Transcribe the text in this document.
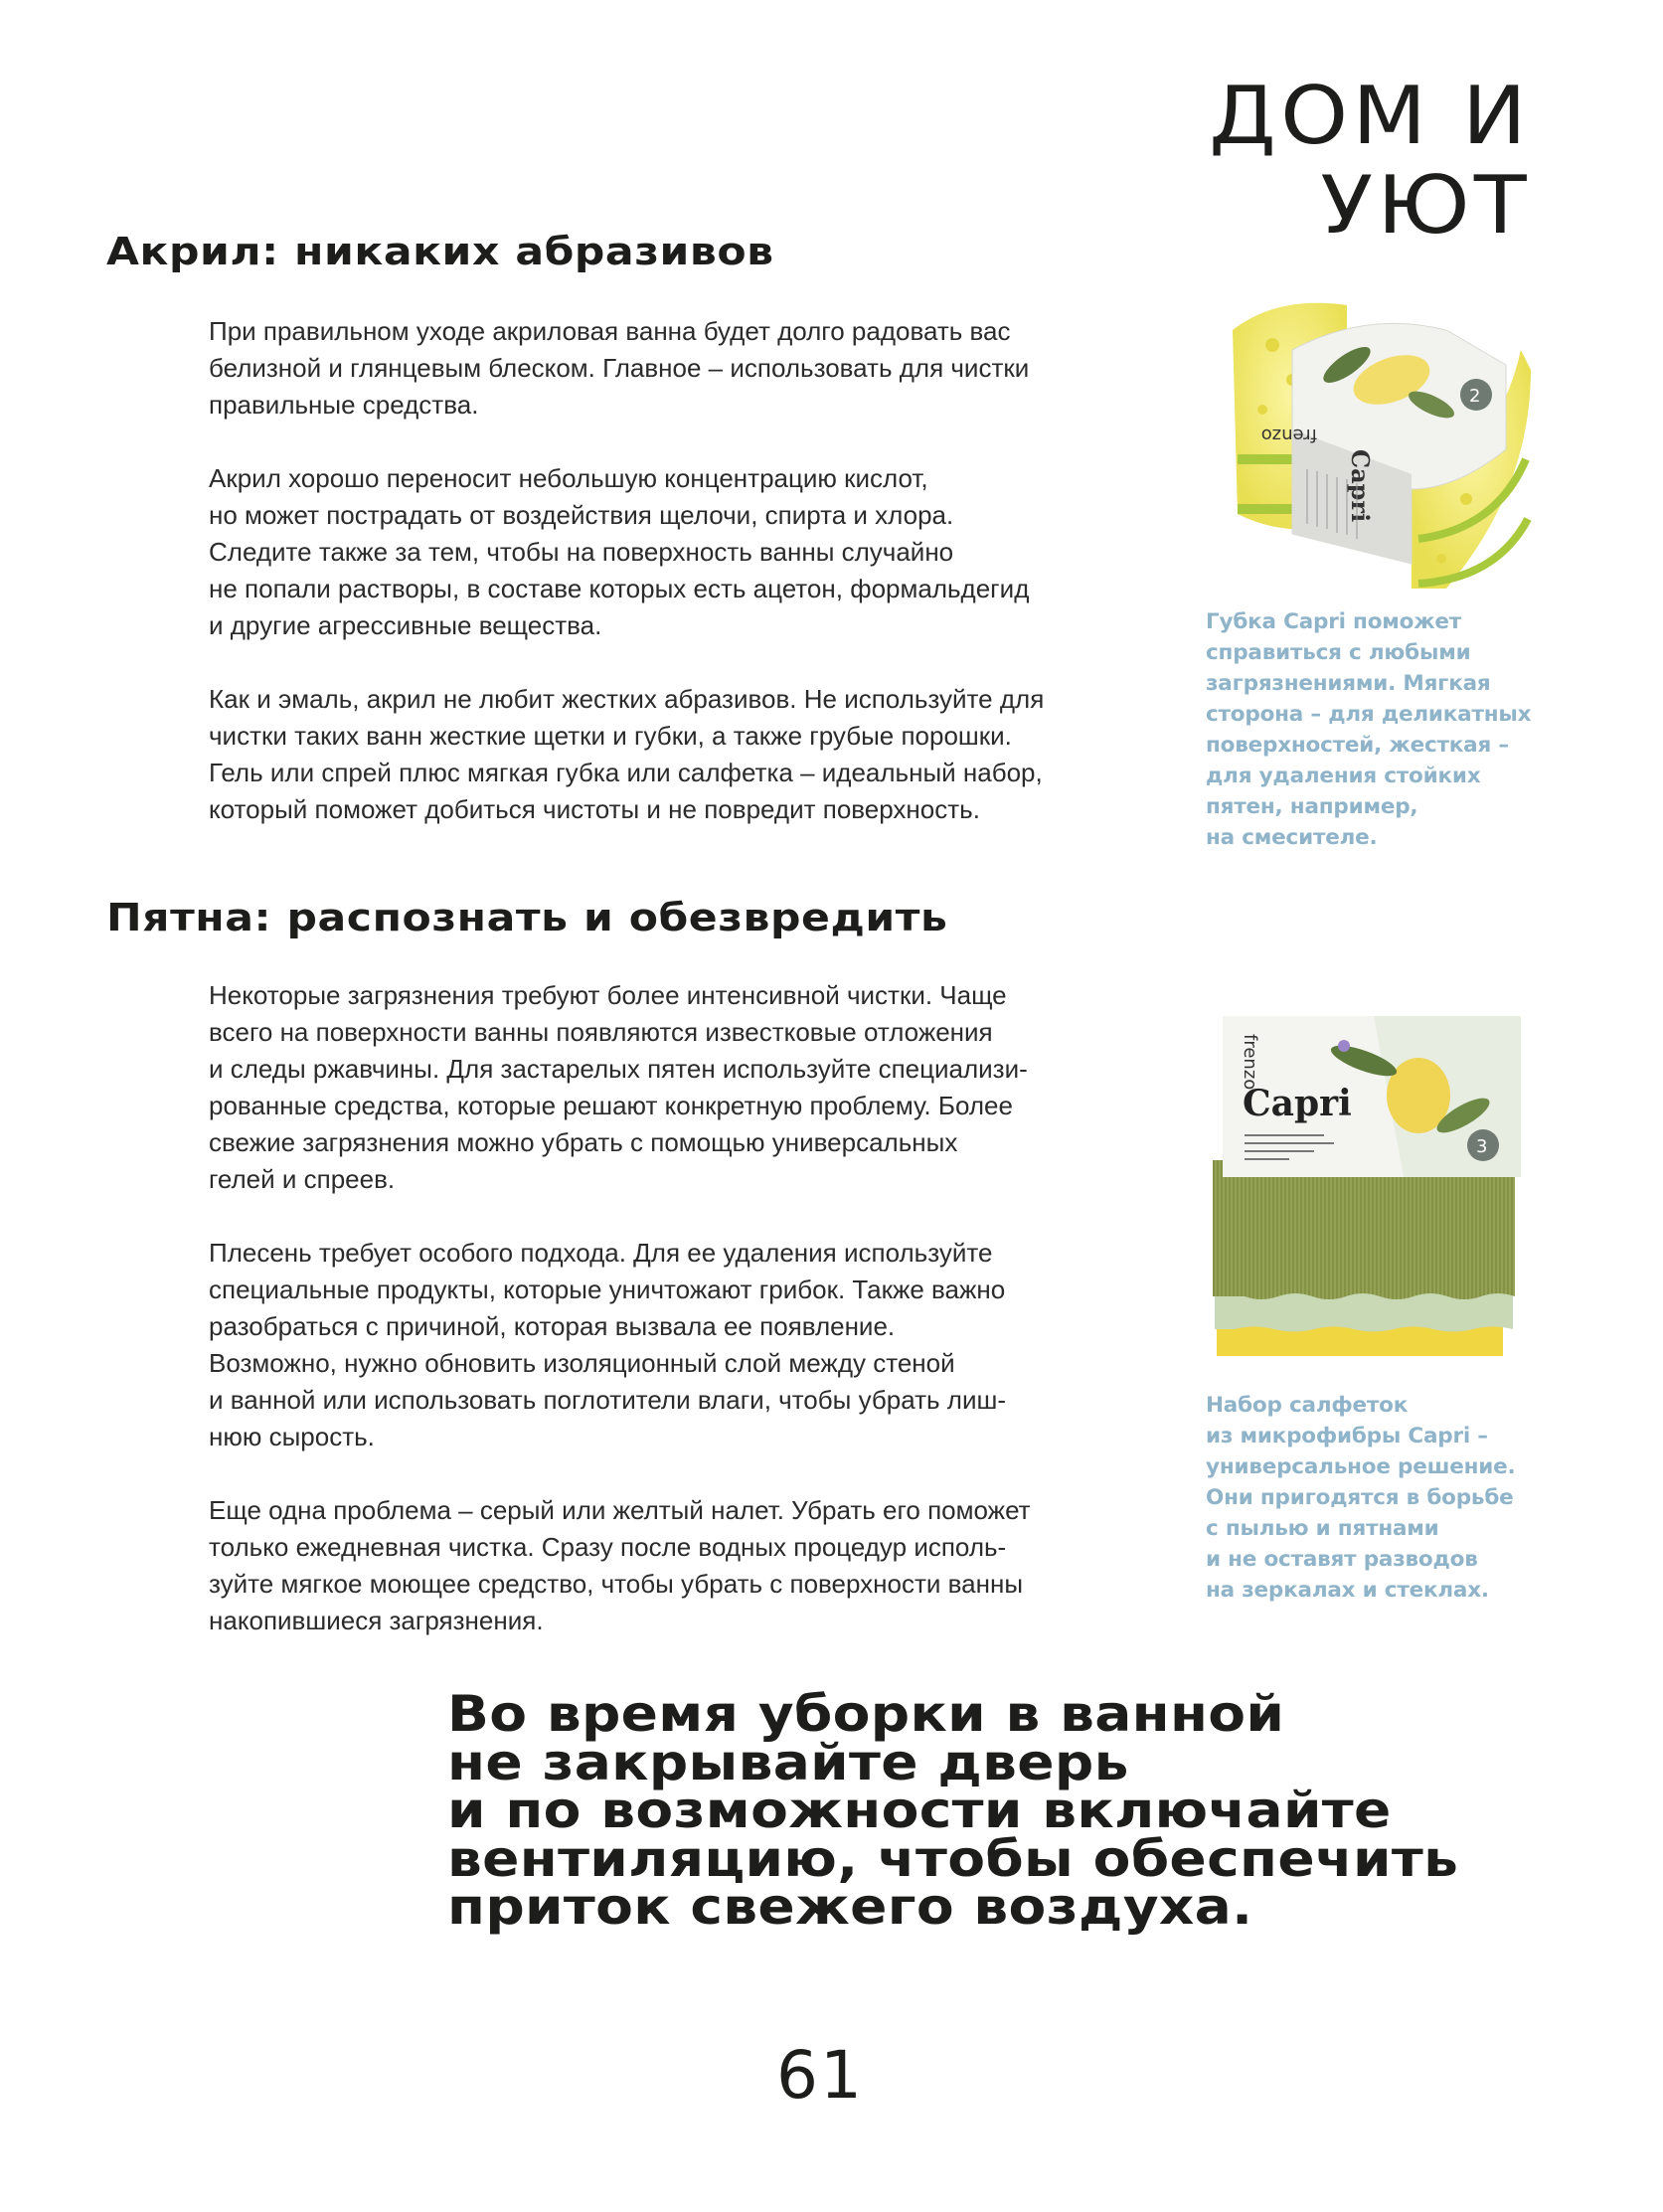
ДОМ И УЮТ
Акрил: никаких абразивов

При правильном уходе акриловая ванна будет долго радовать вас
белизной и глянцевым блеском. Главное – использовать для чистки
правильные средства.

Акрил хорошо переносит небольшую концентрацию кислот,
но может пострадать от воздействия щелочи, спирта и хлора.
Следите также за тем, чтобы на поверхность ванны случайно
не попали растворы, в составе которых есть ацетон, формальдегид
и другие агрессивные вещества.

Как и эмаль, акрил не любит жестких абразивов. Не используйте для
чистки таких ванн жесткие щетки и губки, а также грубые порошки.
Гель или спрей плюс мягкая губка или салфетка – идеальный набор,
который поможет добиться чистоты и не повредит поверхность.

2
Capri
frenzo
Губка Capri поможет
справиться с любыми
загрязнениями. Мягкая
сторона – для деликатных
поверхностей, жесткая –
для удаления стойких
пятен, например,
на смесителе.
Пятна: распознать и обезвредить

Некоторые загрязнения требуют более интенсивной чистки. Чаще
всего на поверхности ванны появляются известковые отложения
и следы ржавчины. Для застарелых пятен используйте специализи-
рованные средства, которые решают конкретную проблему. Более
свежие загрязнения можно убрать с помощью универсальных
гелей и спреев.

Плесень требует особого подхода. Для ее удаления используйте
специальные продукты, которые уничтожают грибок. Также важно
разобраться с причиной, которая вызвала ее появление.
Возможно, нужно обновить изоляционный слой между стеной
и ванной или использовать поглотители влаги, чтобы убрать лиш-
нюю сырость.

Еще одна проблема – серый или желтый налет. Убрать его поможет
только ежедневная чистка. Сразу после водных процедур исполь-
зуйте мягкое моющее средство, чтобы убрать с поверхности ванны
накопившиеся загрязнения.

3
frenzo
Capri
Набор салфеток
из микрофибры Capri –
универсальное решение.
Они пригодятся в борьбе
с пылью и пятнами
и не оставят разводов
на зеркалах и стеклах.
Во время уборки в ванной
не закрывайте дверь
и по возможности включайте
вентиляцию, чтобы обеспечить
приток свежего воздуха.
61
